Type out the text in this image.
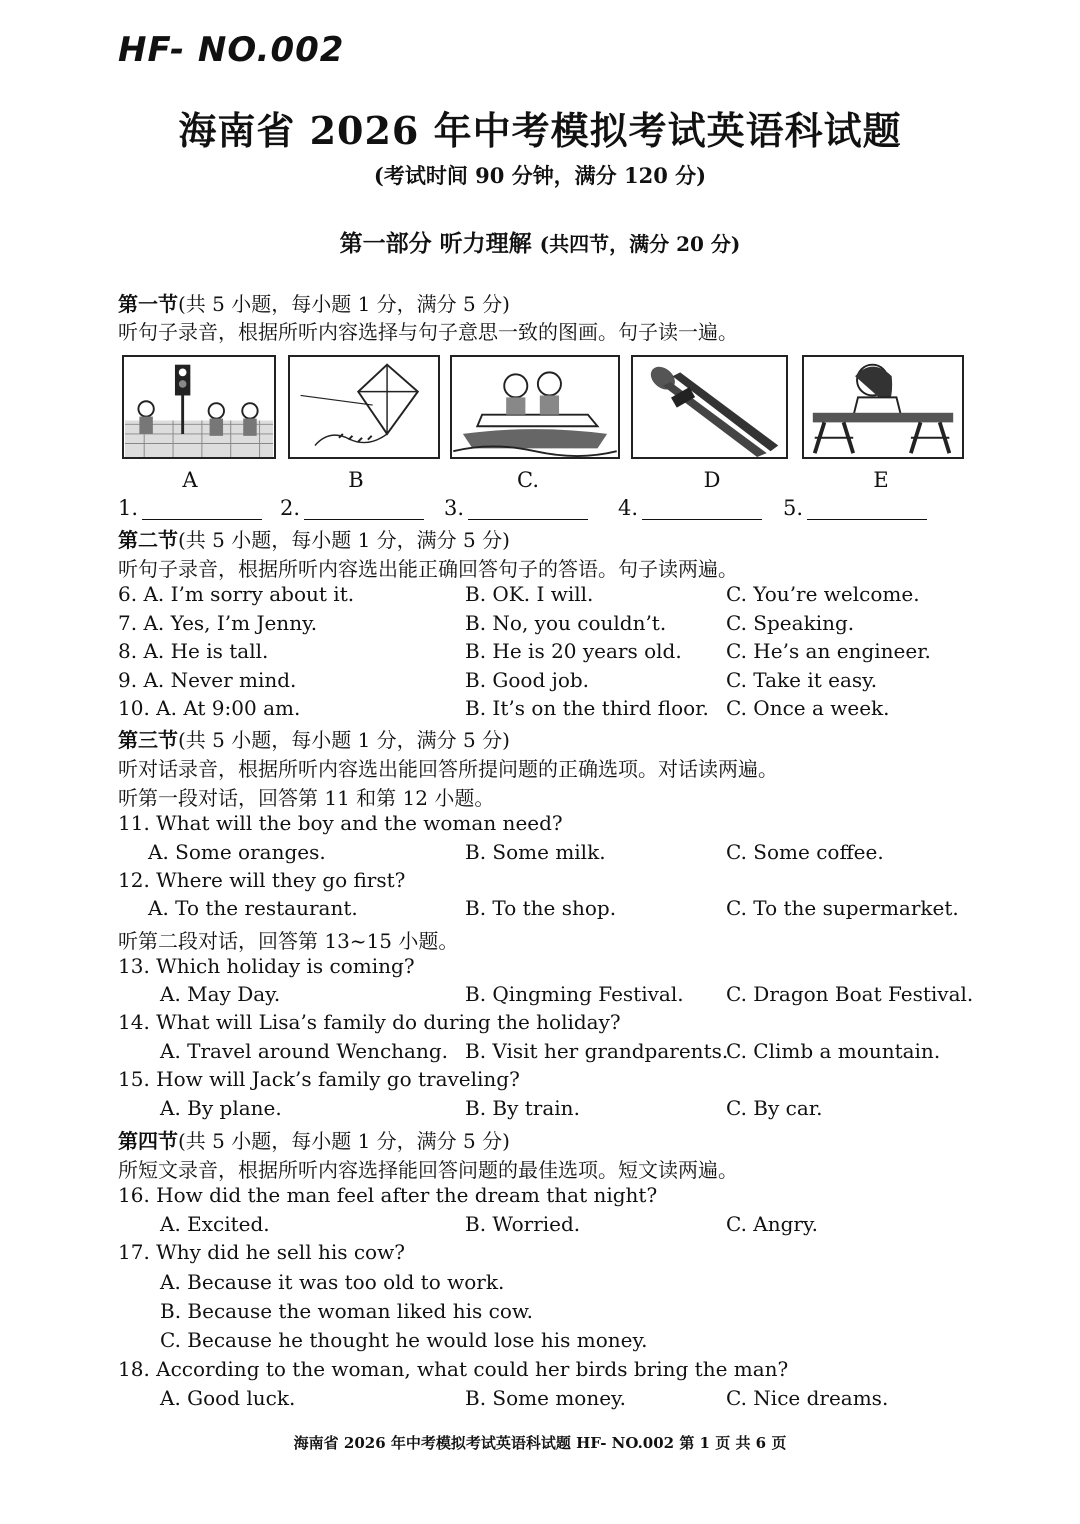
HF- NO.002
海南省 2026 年中考模拟考试英语科试题
(考试时间 90 分钟，满分 120 分)
第一部分 听力理解 (共四节，满分 20 分)
第一节(共 5 小题，每小题 1 分，满分 5 分)
听句子录音，根据所听内容选择与句子意思一致的图画。句子读一遍。
A	B	C.	D	E
1.	2.	3.	4.	5.
第二节(共 5 小题，每小题 1 分，满分 5 分)
听句子录音，根据所听内容选出能正确回答句子的答语。句子读两遍。
6. A. I’m sorry about it.	B. OK. I will.	C. You’re welcome.
7. A. Yes, I’m Jenny.	B. No, you couldn’t.	C. Speaking.
8. A. He is tall.	B. He is 20 years old. C. He’s an engineer.
9. A. Never mind.	B. Good job.	C. Take it easy.
10. A. At 9:00 am.	B. It’s on the third floor. C. Once a week.
第三节(共 5 小题，每小题 1 分，满分 5 分)
听对话录音，根据所听内容选出能回答所提问题的正确选项。对话读两遍。
听第一段对话，回答第 11 和第 12 小题。
11. What will the boy and the woman need?
A. Some oranges.	B. Some milk.	C. Some coffee.
12. Where will they go first?
A. To the restaurant.	B. To the shop.	C. To the supermarket.
听第二段对话，回答第 13~15 小题。
13. Which holiday is coming?
A. May Day.	B. Qingming Festival. C. Dragon Boat Festival.
14. What will Lisa’s family do during the holiday?
A. Travel around Wenchang. B. Visit her grandparents.
C. Climb a mountain.
15. How will Jack’s family go traveling?
A. By plane.	B. By train.	C. By car.
第四节(共 5 小题，每小题 1 分，满分 5 分)
所短文录音，根据所听内容选择能回答问题的最佳选项。短文读两遍。
16. How did the man feel after the dream that night?
A. Excited.	B. Worried.	C. Angry.
17. Why did he sell his cow?
A. Because it was too old to work.
B. Because the woman liked his cow.
C. Because he thought he would lose his money.
18. According to the woman, what could her birds bring the man?
A. Good luck.	B. Some money.	C. Nice dreams.
海南省 2026 年中考模拟考试英语科试题 HF- NO.002 第 1 页 共 6 页
